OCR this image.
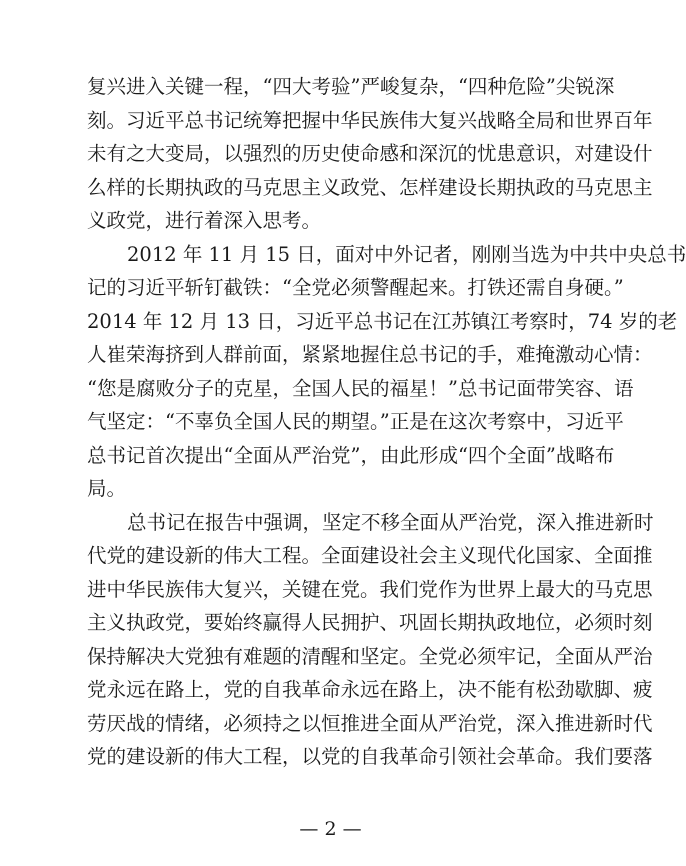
复兴进入关键一程，“四大考验”严峻复杂，“四种危险”尖锐深
刻。习近平总书记统筹把握中华民族伟大复兴战略全局和世界百年
未有之大变局，以强烈的历史使命感和深沉的忧患意识，对建设什
么样的长期执政的马克思主义政党、怎样建设长期执政的马克思主
义政党，进行着深入思考。
2012 年 11 月 15 日，面对中外记者，刚刚当选为中共中央总书
记的习近平斩钉截铁：“全党必须警醒起来。打铁还需自身硬。”
2014 年 12 月 13 日，习近平总书记在江苏镇江考察时，74 岁的老
人崔荣海挤到人群前面，紧紧地握住总书记的手，难掩激动心情：
“您是腐败分子的克星，全国人民的福星！”总书记面带笑容、语
气坚定：“不辜负全国人民的期望。”正是在这次考察中，习近平
总书记首次提出“全面从严治党”，由此形成“四个全面”战略布
局。
总书记在报告中强调，坚定不移全面从严治党，深入推进新时
代党的建设新的伟大工程。全面建设社会主义现代化国家、全面推
进中华民族伟大复兴，关键在党。我们党作为世界上最大的马克思
主义执政党，要始终赢得人民拥护、巩固长期执政地位，必须时刻
保持解决大党独有难题的清醒和坚定。全党必须牢记，全面从严治
党永远在路上，党的自我革命永远在路上，决不能有松劲歇脚、疲
劳厌战的情绪，必须持之以恒推进全面从严治党，深入推进新时代
党的建设新的伟大工程，以党的自我革命引领社会革命。我们要落
— 2 —
